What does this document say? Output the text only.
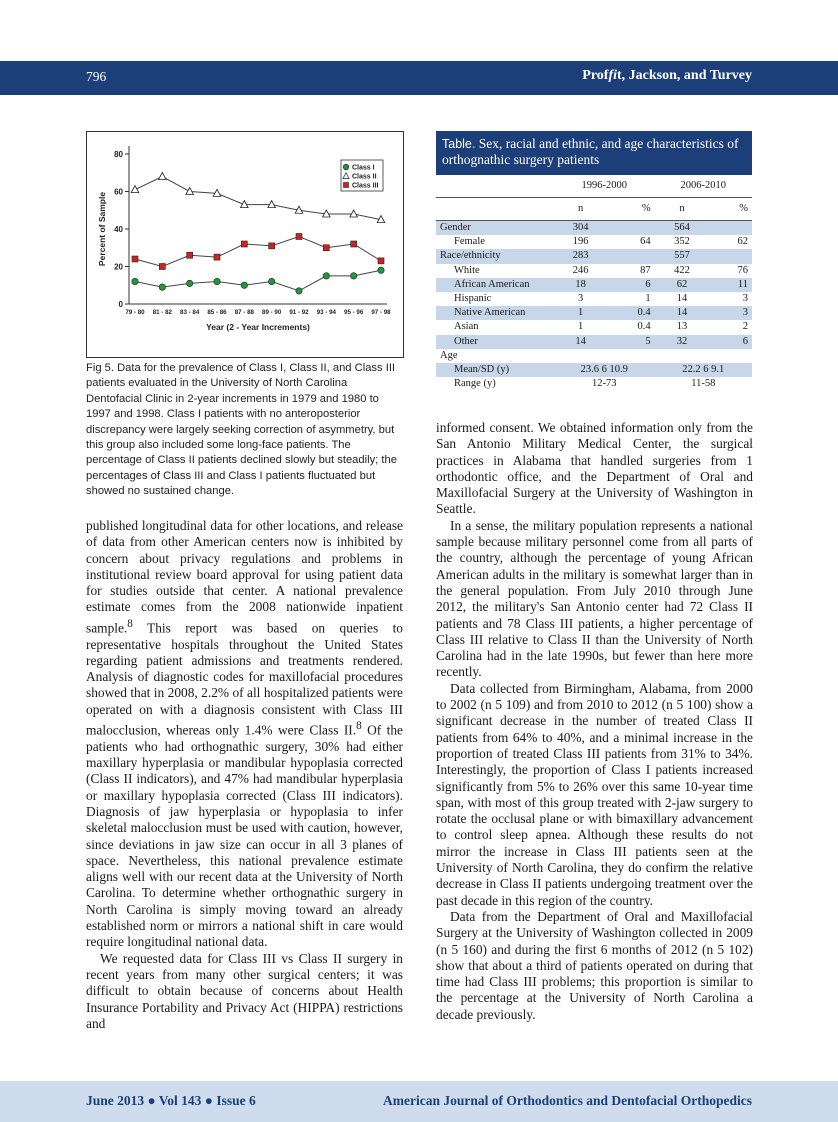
796	Proffit, Jackson, and Turvey
0
20
40
60
80
79 - 80 81 - 82 83 - 84 85 - 86 87 - 88 89 - 90 91 - 92 93 - 94 95 - 96 97 - 98
Year (2 - Year Increments)
Percent of Sample
Class I
Class II
Class III
Fig 5. Data for the prevalence of Class I, Class II, and Class III patients evaluated in the University of North Carolina Dentofacial Clinic in 2-year increments in 1979 and 1980 to 1997 and 1998. Class I patients with no anteroposterior discrepancy were largely seeking correction of asymmetry, but this group also included some long-face patients. The percentage of Class II patients declined slowly but steadily; the percentages of Class III and Class I patients fluctuated but showed no sustained change.
Table. Sex, racial and ethnic, and age characteristics of orthognathic surgery patients
	1996-2000		2006-2010	
	n	%	n	%
Gender	304		564	
Female	196	64	352	62
Race/ethnicity	283		557	
White	246	87	422	76
African American	18	6	62	11
Hispanic	3	1	14	3
Native American	1	0.4	14	3
Asian	1	0.4	13	2
Other	14	5	32	6
Age				
Mean/SD (y)	23.6 6 10.9		22.2 6 9.1	
Range (y)	12-73		11-58	

published longitudinal data for other locations, and release of data from other American centers now is inhibited by concern about privacy regulations and problems in institutional review board approval for using patient data for studies outside that center. A national prevalence estimate comes from the 2008 nationwide inpatient sample.$^8$ This report was based on queries to representative hospitals throughout the United States regarding patient admissions and treatments rendered. Analysis of diagnostic codes for maxillofacial procedures showed that in 2008, 2.2% of all hospitalized patients were operated on with a diagnosis consistent with Class III malocclusion, whereas only 1.4% were Class II.$^8$ Of the patients who had orthognathic surgery, 30% had either maxillary hyperplasia or mandibular hypoplasia corrected (Class II indicators), and 47% had mandibular hyperplasia or maxillary hypoplasia corrected (Class III indicators). Diagnosis of jaw hyperplasia or hypoplasia to infer skeletal malocclusion must be used with caution, however, since deviations in jaw size can occur in all 3 planes of space. Nevertheless, this national prevalence estimate aligns well with our recent data at the University of North Carolina. To determine whether orthognathic surgery in North Carolina is simply moving toward an already established norm or mirrors a national shift in care would require longitudinal national data.

We requested data for Class III vs Class II surgery in recent years from many other surgical centers; it was difficult to obtain because of concerns about Health Insurance Portability and Privacy Act (HIPPA) restrictions and

informed consent. We obtained information only from the San Antonio Military Medical Center, the surgical practices in Alabama that handled surgeries from 1 orthodontic office, and the Department of Oral and Maxillofacial Surgery at the University of Washington in Seattle.

In a sense, the military population represents a national sample because military personnel come from all parts of the country, although the percentage of young African American adults in the military is somewhat larger than in the general population. From July 2010 through June 2012, the military's San Antonio center had 72 Class II patients and 78 Class III patients, a higher percentage of Class III relative to Class II than the University of North Carolina had in the late 1990s, but fewer than here more recently.

Data collected from Birmingham, Alabama, from 2000 to 2002 (n 5 109) and from 2010 to 2012 (n 5 100) show a significant decrease in the number of treated Class II patients from 64% to 40%, and a minimal increase in the proportion of treated Class III patients from 31% to 34%. Interestingly, the proportion of Class I patients increased significantly from 5% to 26% over this same 10-year time span, with most of this group treated with 2-jaw surgery to rotate the occlusal plane or with bimaxillary advancement to control sleep apnea. Although these results do not mirror the increase in Class III patients seen at the University of North Carolina, they do confirm the relative decrease in Class II patients undergoing treatment over the past decade in this region of the country.

Data from the Department of Oral and Maxillofacial Surgery at the University of Washington collected in 2009 (n 5 160) and during the first 6 months of 2012 (n 5 102) show that about a third of patients operated on during that time had Class III problems; this proportion is similar to the percentage at the University of North Carolina a decade previously.

June 2013 ● Vol 143 ● Issue 6	American Journal of Orthodontics and Dentofacial Orthopedics
